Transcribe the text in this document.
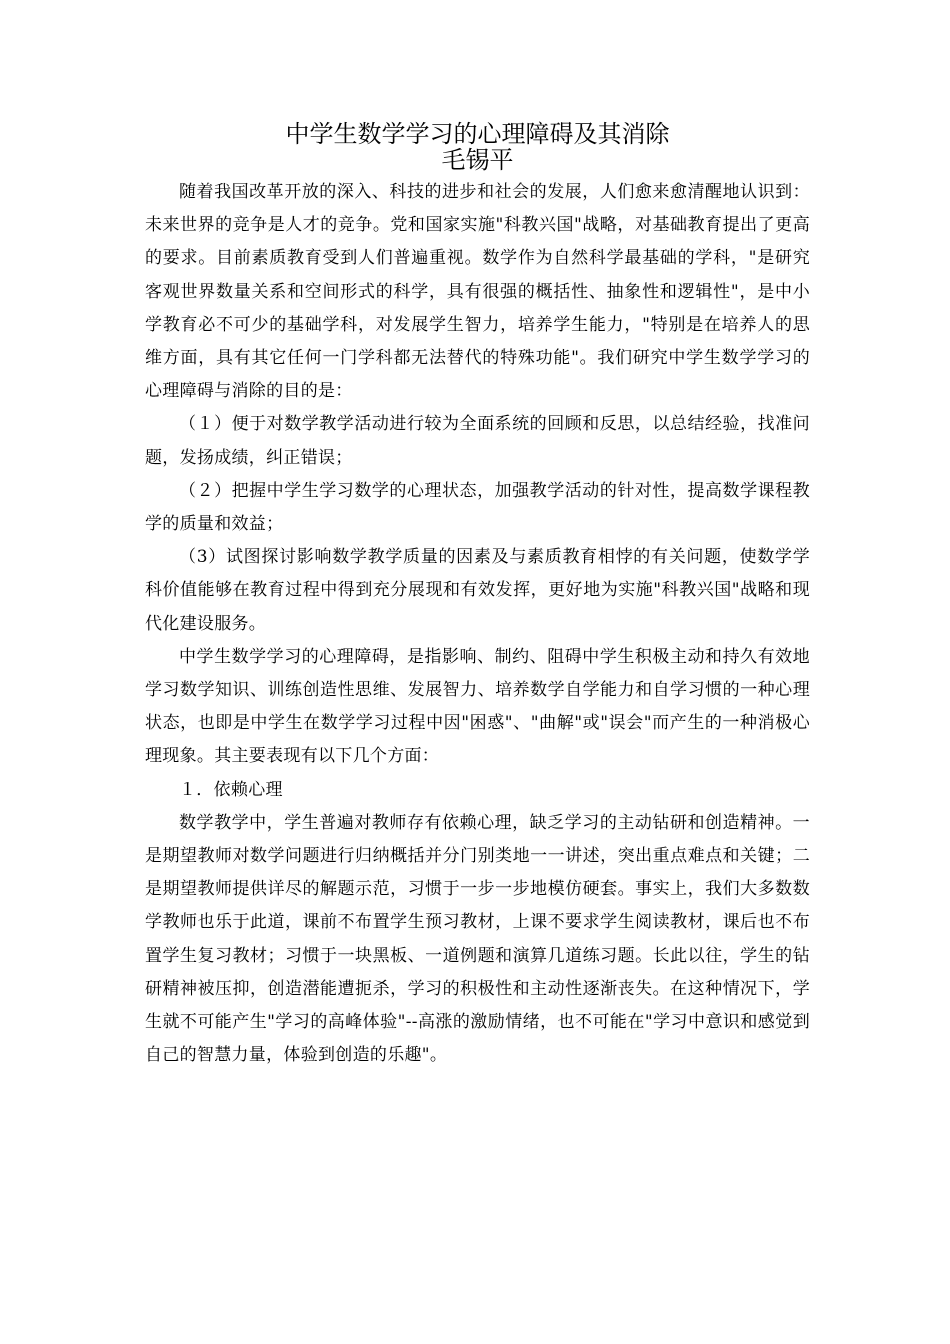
中学生数学学习的心理障碍及其消除
毛锡平

随着我国改革开放的深入、科技的进步和社会的发展，人们愈来愈清醒地认识到：未来世界的竞争是人才的竞争。党和国家实施"科教兴国"战略，对基础教育提出了更高的要求。目前素质教育受到人们普遍重视。数学作为自然科学最基础的学科，"是研究客观世界数量关系和空间形式的科学，具有很强的概括性、抽象性和逻辑性"，是中小学教育必不可少的基础学科，对发展学生智力，培养学生能力，"特别是在培养人的思维方面，具有其它任何一门学科都无法替代的特殊功能"。我们研究中学生数学学习的心理障碍与消除的目的是：

（１）便于对数学教学活动进行较为全面系统的回顾和反思，以总结经验，找准问题，发扬成绩，纠正错误；

（２）把握中学生学习数学的心理状态，加强教学活动的针对性，提高数学课程教学的质量和效益；

（3）试图探讨影响数学教学质量的因素及与素质教育相悖的有关问题，使数学学科价值能够在教育过程中得到充分展现和有效发挥，更好地为实施"科教兴国"战略和现代化建设服务。

中学生数学学习的心理障碍，是指影响、制约、阻碍中学生积极主动和持久有效地学习数学知识、训练创造性思维、发展智力、培养数学自学能力和自学习惯的一种心理状态，也即是中学生在数学学习过程中因"困惑"、"曲解"或"误会"而产生的一种消极心理现象。其主要表现有以下几个方面：

１．依赖心理

数学教学中，学生普遍对教师存有依赖心理，缺乏学习的主动钻研和创造精神。一是期望教师对数学问题进行归纳概括并分门别类地一一讲述，突出重点难点和关键；二是期望教师提供详尽的解题示范，习惯于一步一步地模仿硬套。事实上，我们大多数数学教师也乐于此道，课前不布置学生预习教材，上课不要求学生阅读教材，课后也不布置学生复习教材；习惯于一块黑板、一道例题和演算几道练习题。长此以往，学生的钻研精神被压抑，创造潜能遭扼杀，学习的积极性和主动性逐渐丧失。在这种情况下，学生就不可能产生"学习的高峰体验"--高涨的激励情绪，也不可能在"学习中意识和感觉到自己的智慧力量，体验到创造的乐趣"。
